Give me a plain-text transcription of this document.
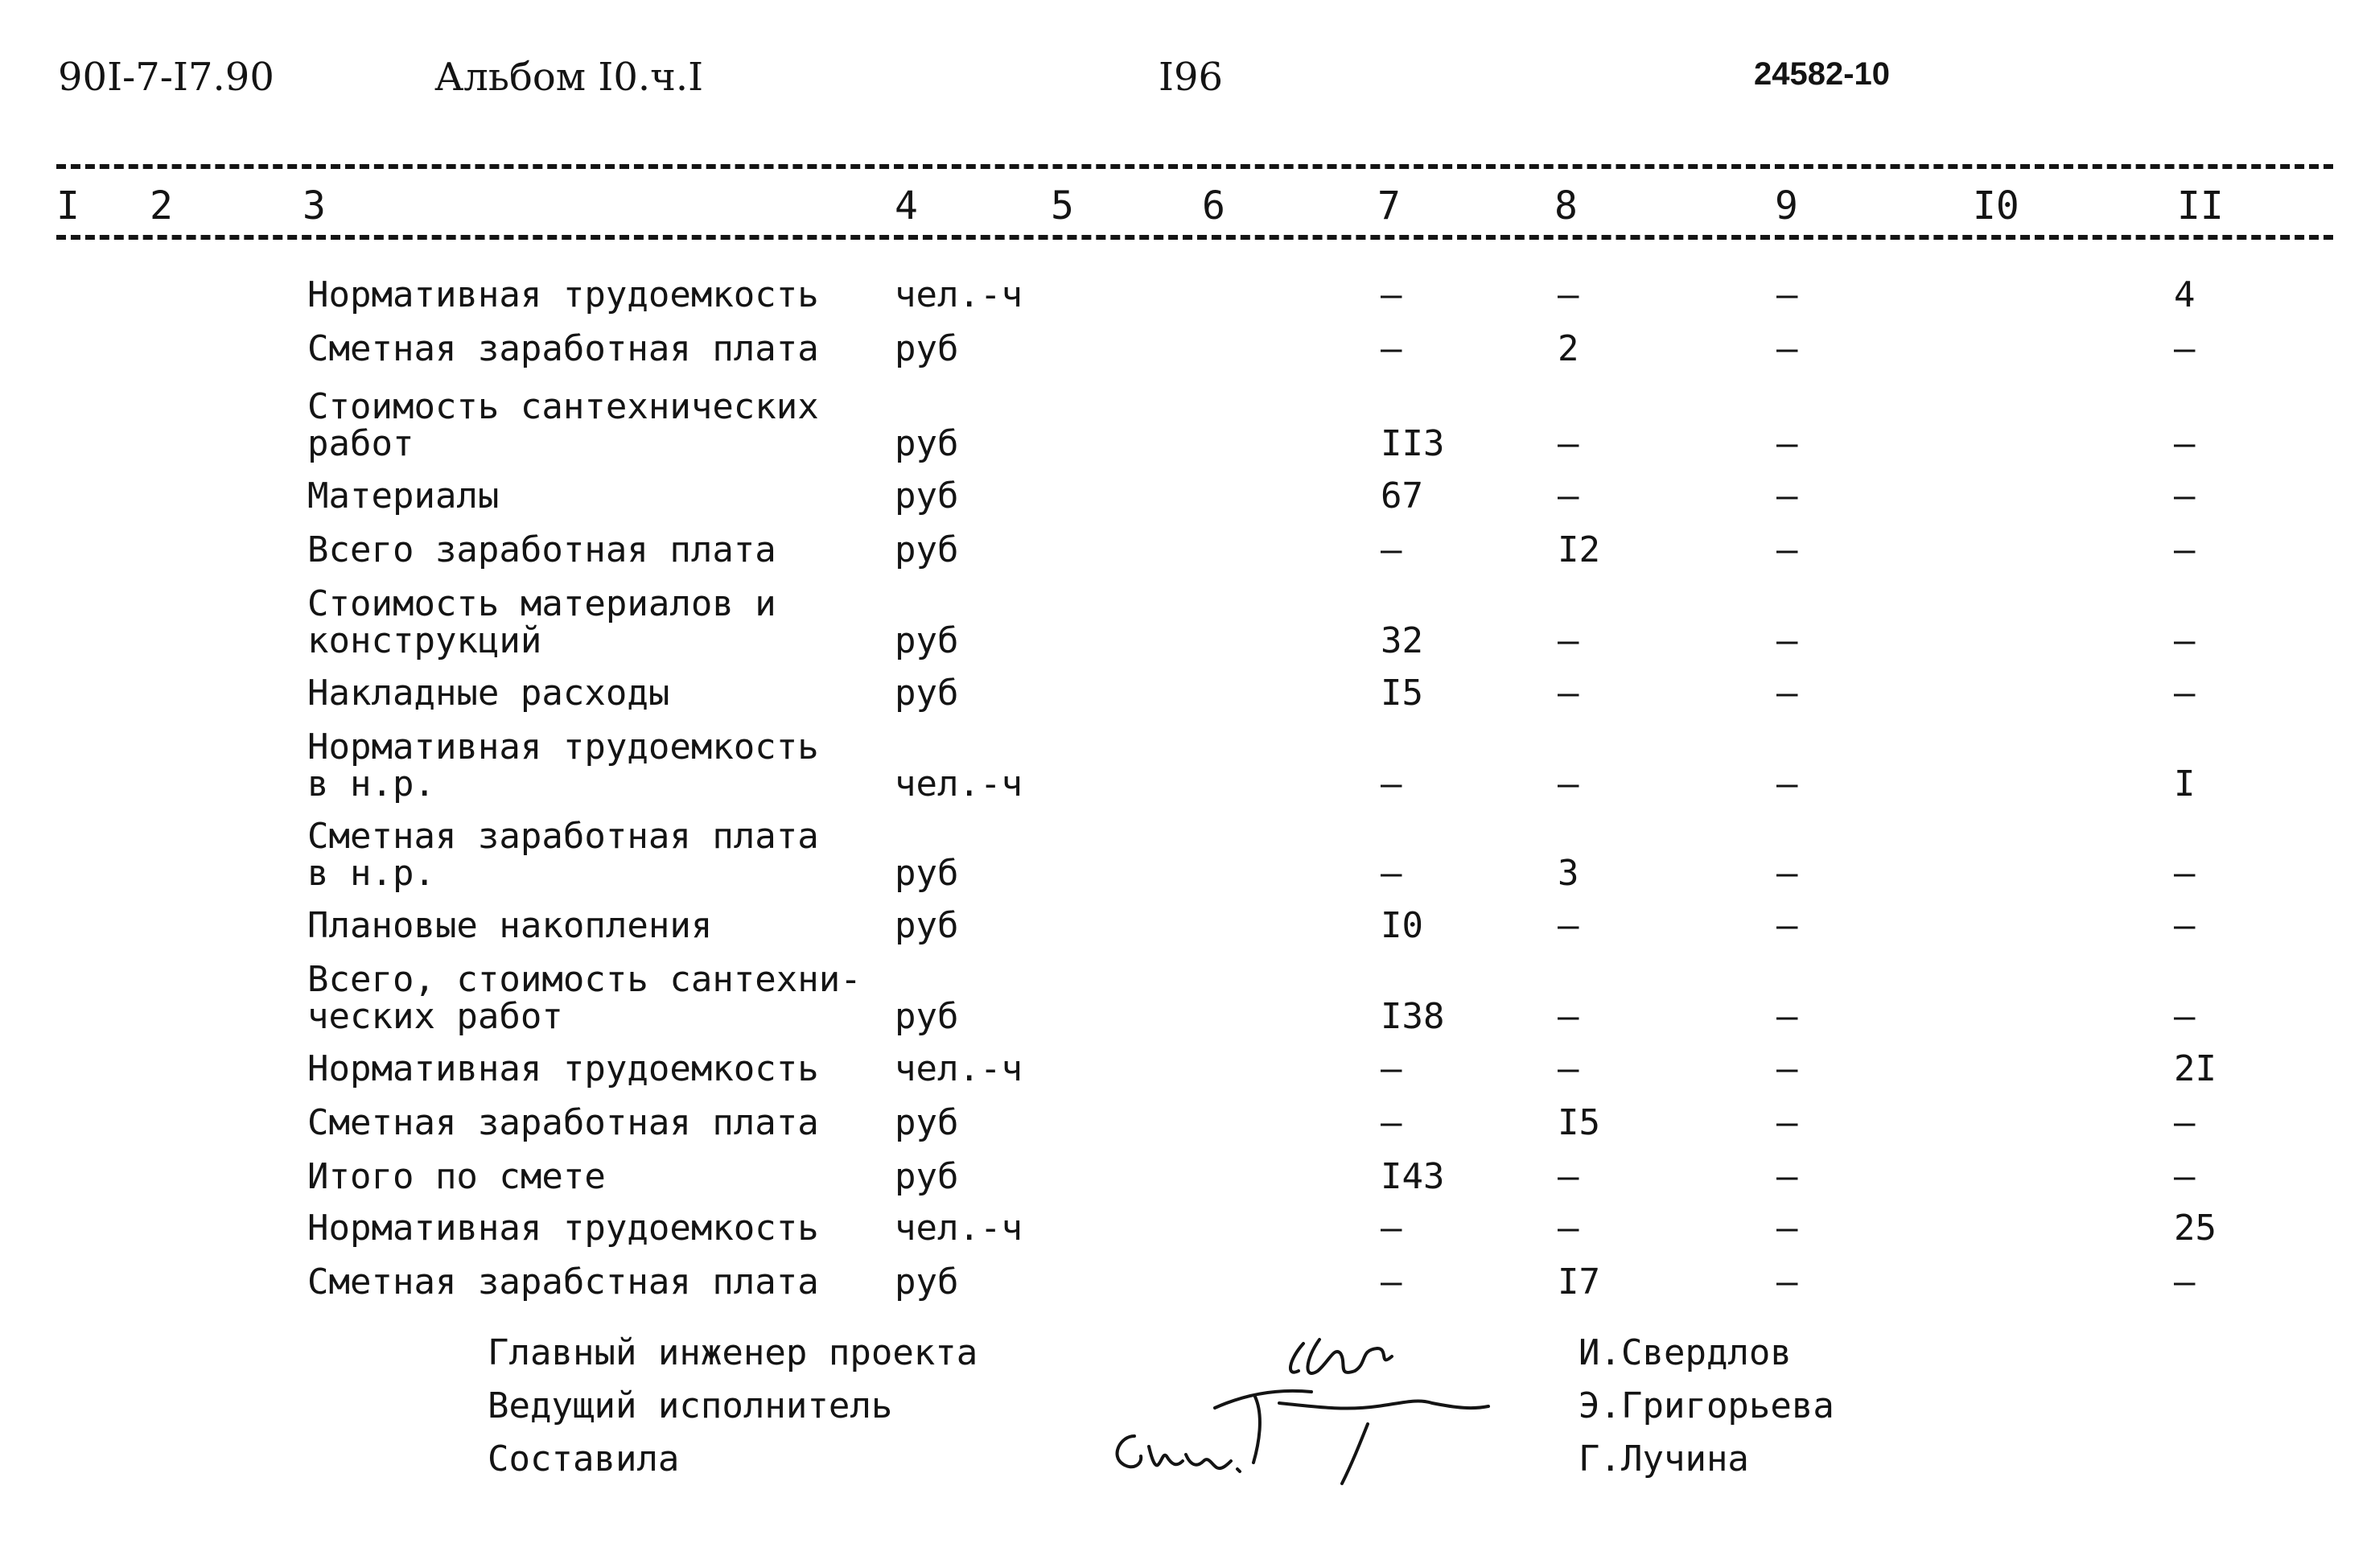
90I-7-I7.90	Альбом I0.ч.I	I96	24582-10
I 2	3	4	5	6	7	8	9	I0	II
Нормативная трудоемкость чел.-ч	–	–	–	4
Сметная заработная плата руб	–	2	–	–
Стоимость сантехнических
работ	руб	II3	–	–	–
Материалы	руб	67	–	–	–
Всего заработная плата	руб	–	I2	–	–
Стоимость материалов и
конструкций	руб	32	–	–	–
Накладные расходы	руб	I5	–	–	–
Нормативная трудоемкость
в н.р.	чел.-ч	–	–	–	I
Сметная заработная плата
в н.р.	руб	–	3	–	–
Плановые накопления	руб	I0	–	–	–
Всего, стоимость сантехни-
ческих работ	руб	I38	–	–	–
Нормативная трудоемкость чел.-ч	–	–	–	2I
Сметная заработная плата руб	–	I5	–	–
Итого по смете	руб	I43	–	–	–
Нормативная трудоемкость чел.-ч	–	–	–	25
Сметная зарабстная плата руб	–	I7	–	–
Главный инженер проекта	И.Свердлов
Ведущий исполнитель	Э.Григорьева
Составила	Г.Лучина
